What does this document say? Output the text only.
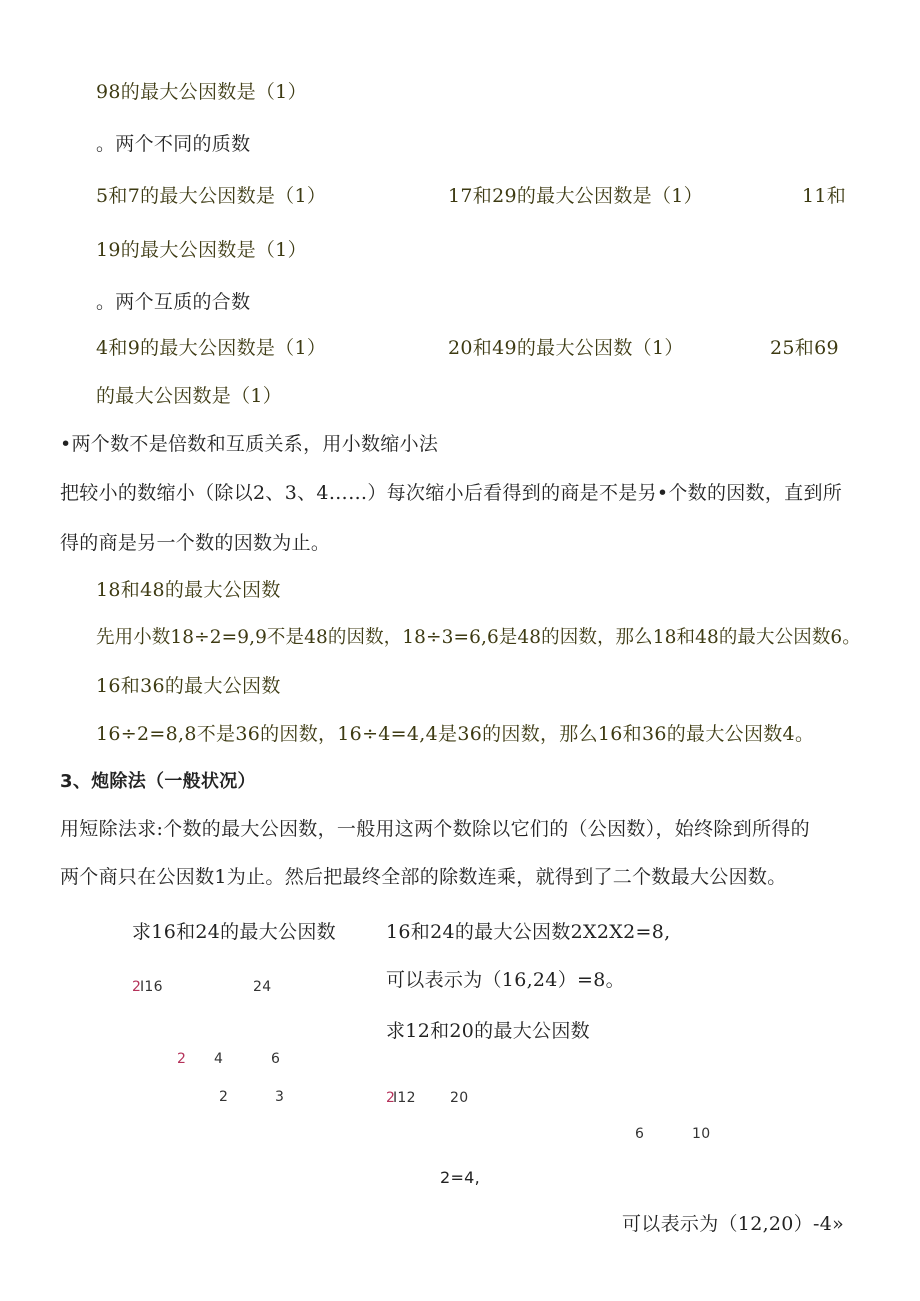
98的最大公因数是（1）
。两个不同的质数
5和7的最大公因数是（1）	17和29的最大公因数是（1）	11和
19的最大公因数是（1）
。两个互质的合数
4和9的最大公因数是（1）	20和49的最大公因数（1）	25和69
的最大公因数是（1）
•两个数不是倍数和互质关系，用小数缩小法
把较小的数缩小（除以2、3、4……）每次缩小后看得到的商是不是另•个数的因数，直到所
得的商是另一个数的因数为止。
18和48的最大公因数
先用小数18÷2=9,9不是48的因数，18÷3=6,6是48的因数，那么18和48的最大公因数6。
16和36的最大公因数
16÷2=8,8不是36的因数，16÷4=4,4是36的因数，那么16和36的最大公因数4。
3、炮除法（一般状况）
用短除法求:个数的最大公因数，一般用这两个数除以它们的（公因数），始终除到所得的
两个商只在公因数1为止。然后把最终全部的除数连乘，就得到了二个数最大公因数。
求16和24的最大公因数
2
I16	24
2 4	6
2	3
16和24的最大公因数2X2X2=8,
可以表示为（16,24）=8。
求12和20的最大公因数
2
I12 20
6	10
2=4,
可以表示为（12,20）-4»
